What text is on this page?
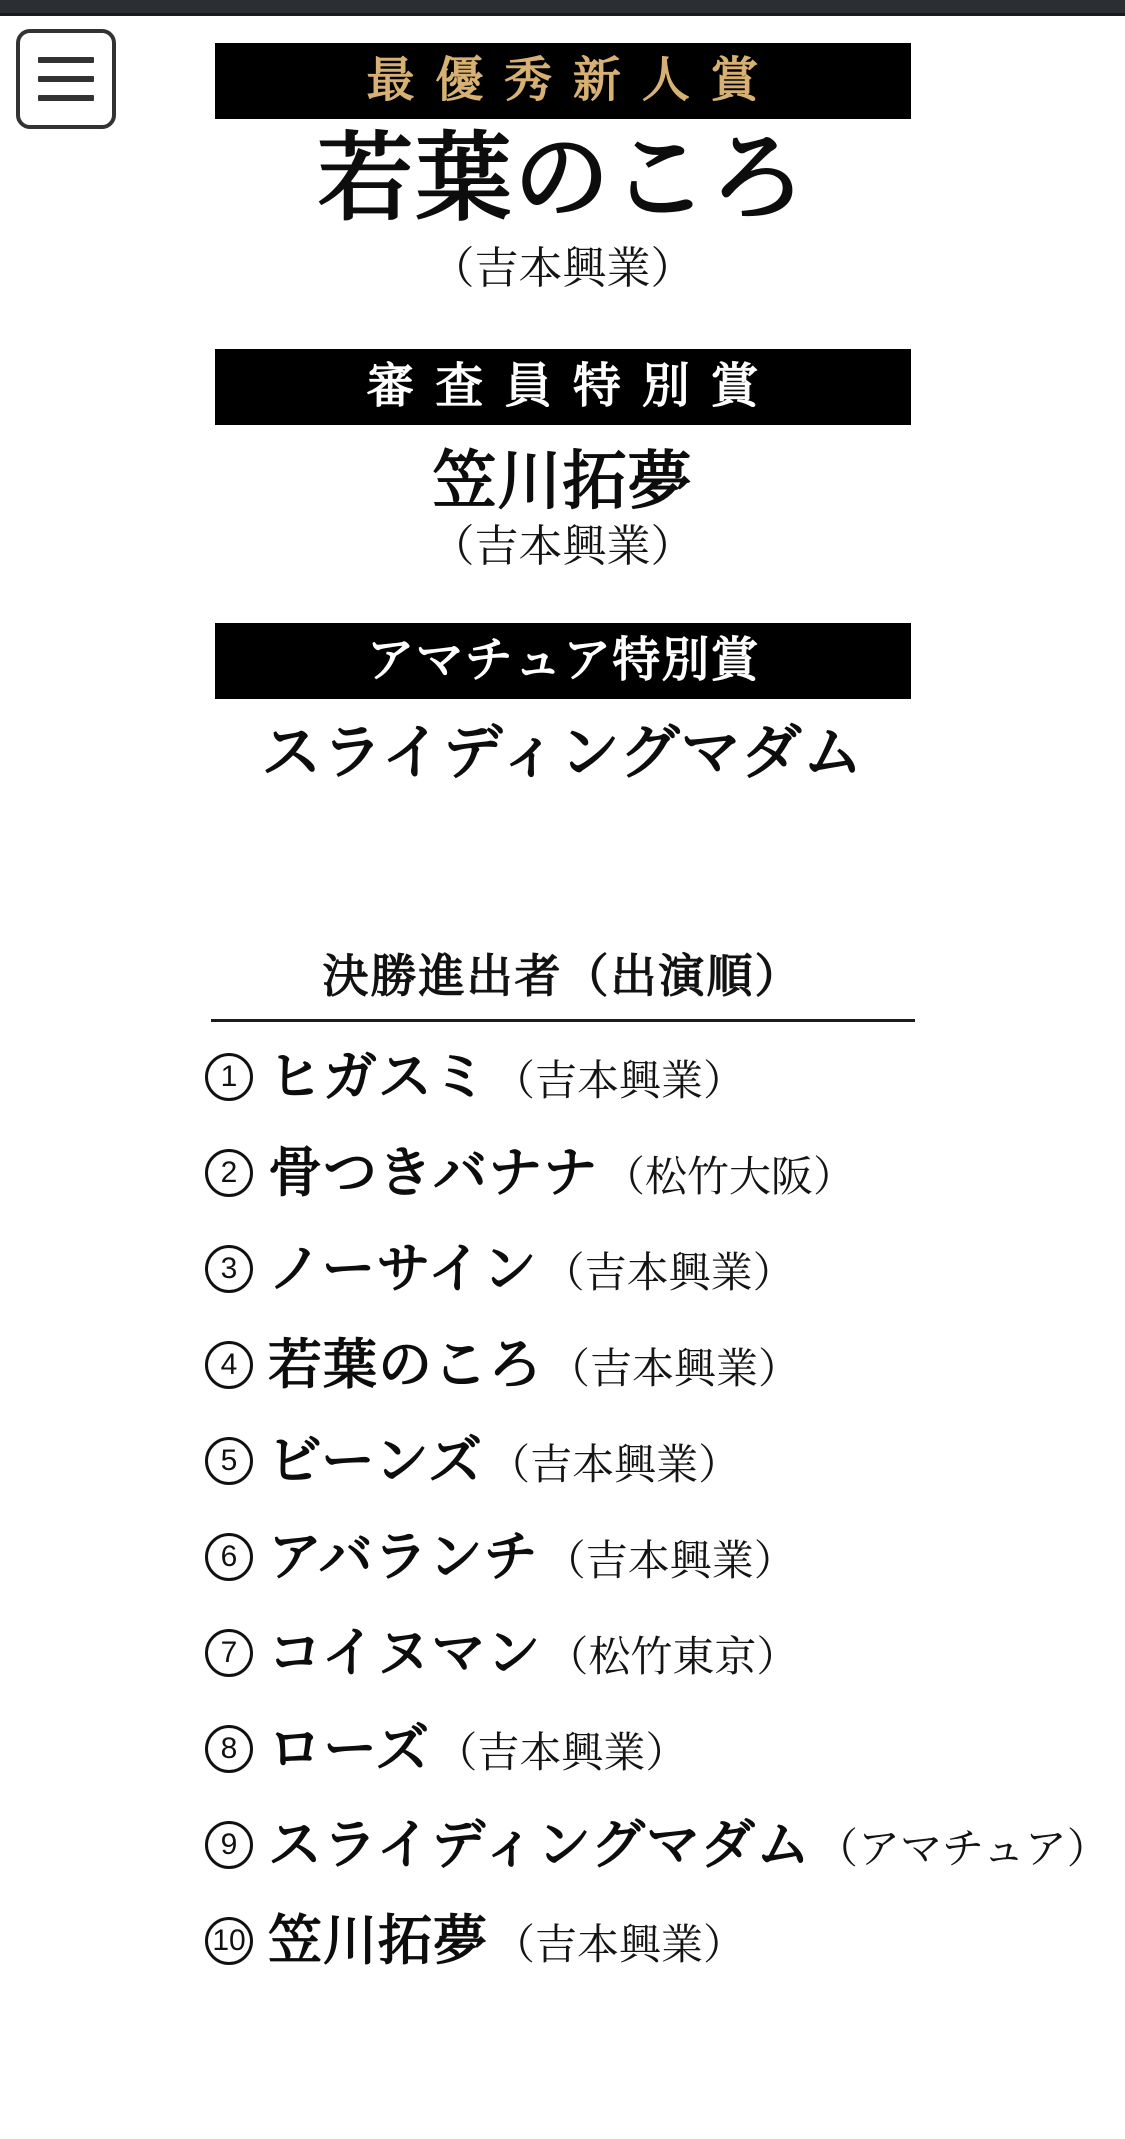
最 優 秀 新 人 賞
若葉のころ
（吉本興業）
審 査 員 特 別 賞
笠川拓夢
（吉本興業）
ア マ チ ュ ア 特 別 賞
スライディングマダム
決勝進出者（出演順）
1 ヒガスミ （吉本興業）
2 骨つきバナナ （松竹大阪）
3 ノーサイン （吉本興業）
4 若葉のころ （吉本興業）
5 ビーンズ （吉本興業）
6 アバランチ （吉本興業）
7 コイヌマン （松竹東京）
8 ローズ （吉本興業）
9 スライディングマダム （アマチュア）
10 笠川拓夢 （吉本興業）
